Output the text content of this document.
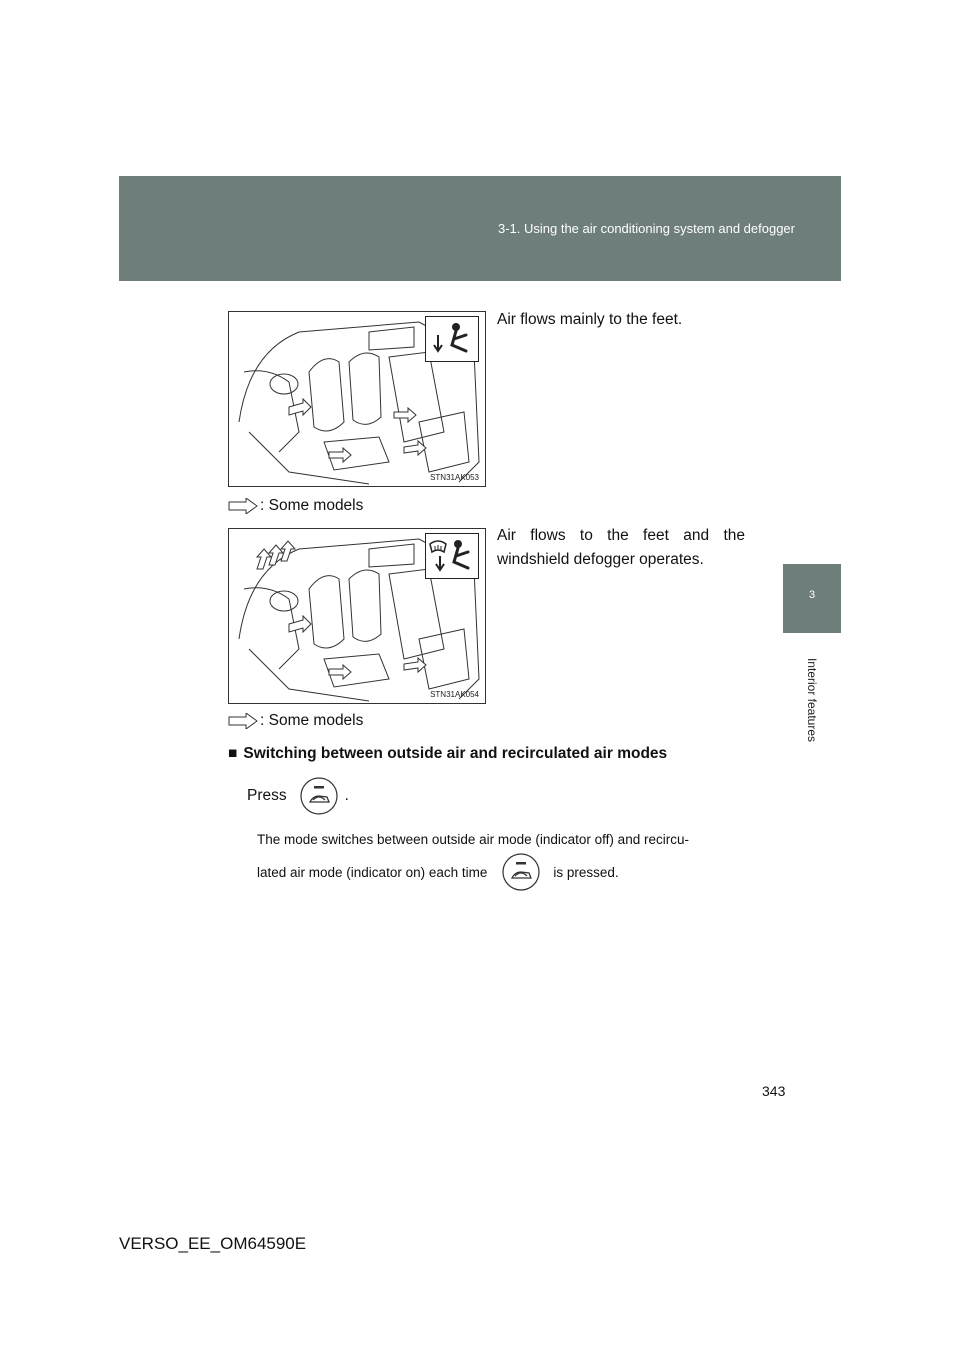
3-1. Using the air conditioning system and defogger
3
Interior features
STN31AK053
Air flows mainly to the feet.
: Some models
STN31AK054
Air flows to the feet and the windshield defogger operates.
: Some models
■ Switching between outside air and recirculated air modes
Press	.
The mode switches between outside air mode (indicator off) and recircu-
lated air mode (indicator on) each time	is pressed.
343
VERSO_EE_OM64590E
